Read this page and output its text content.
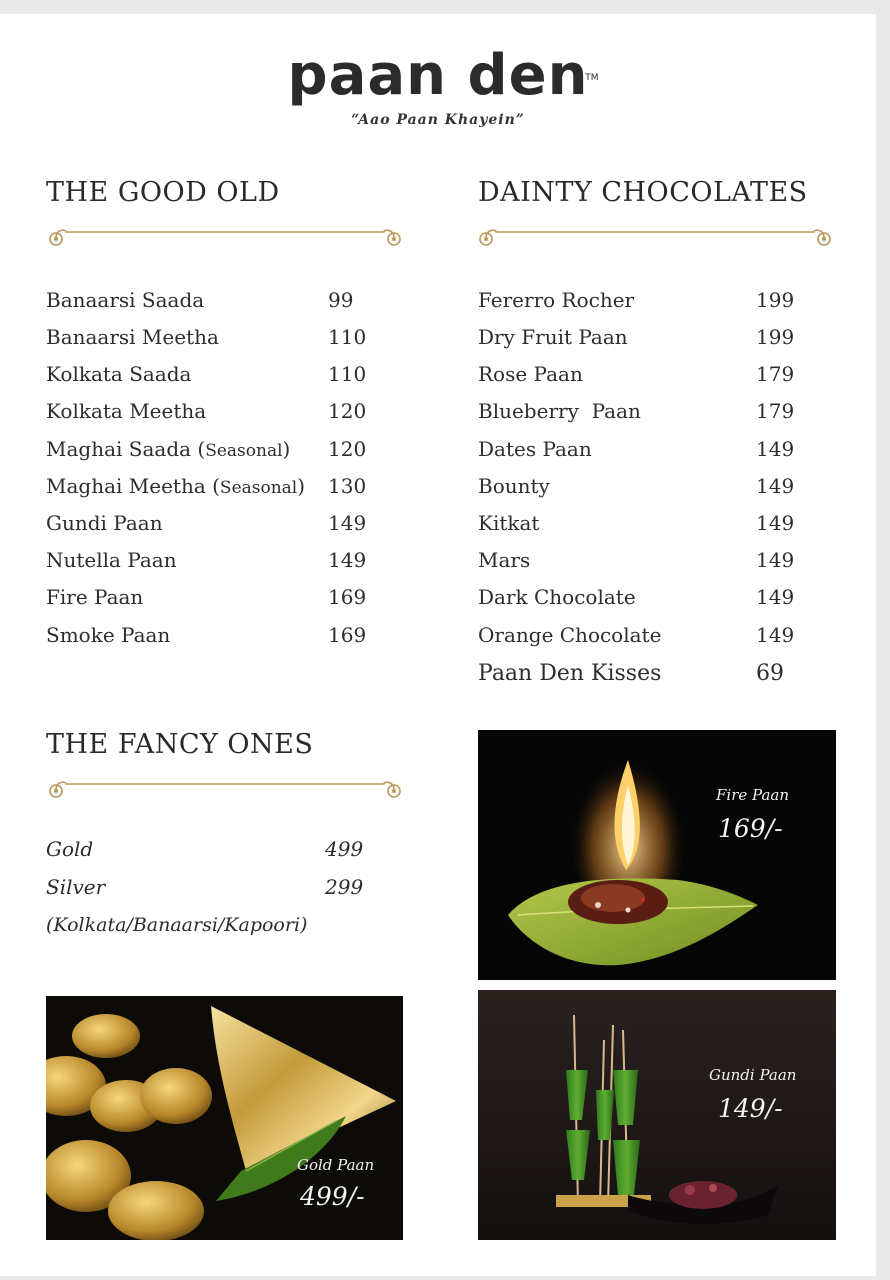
paan den
TM
“Aao Paan Khayein”
THE GOOD OLD
Banaarsi Saada	99
Banaarsi Meetha	110
Kolkata Saada	110
Kolkata Meetha	120
Maghai Saada (Seasonal) 120
Maghai Meetha (Seasonal) 130
Gundi Paan	149
Nutella Paan	149
Fire Paan	169
Smoke Paan	169
DAINTY CHOCOLATES
Fererro Rocher	199
Dry Fruit Paan	199
Rose Paan	179
Blueberry  Paan	179
Dates Paan	149
Bounty	149
Kitkat	149
Mars	149
Dark Chocolate	149
Orange Chocolate	149
Paan Den Kisses	69
THE FANCY ONES
Gold	499
Silver	299
(Kolkata/Banaarsi/Kapoori)
Fire Paan
169/-
Gold Paan
499/-
Gundi Paan
149/-
